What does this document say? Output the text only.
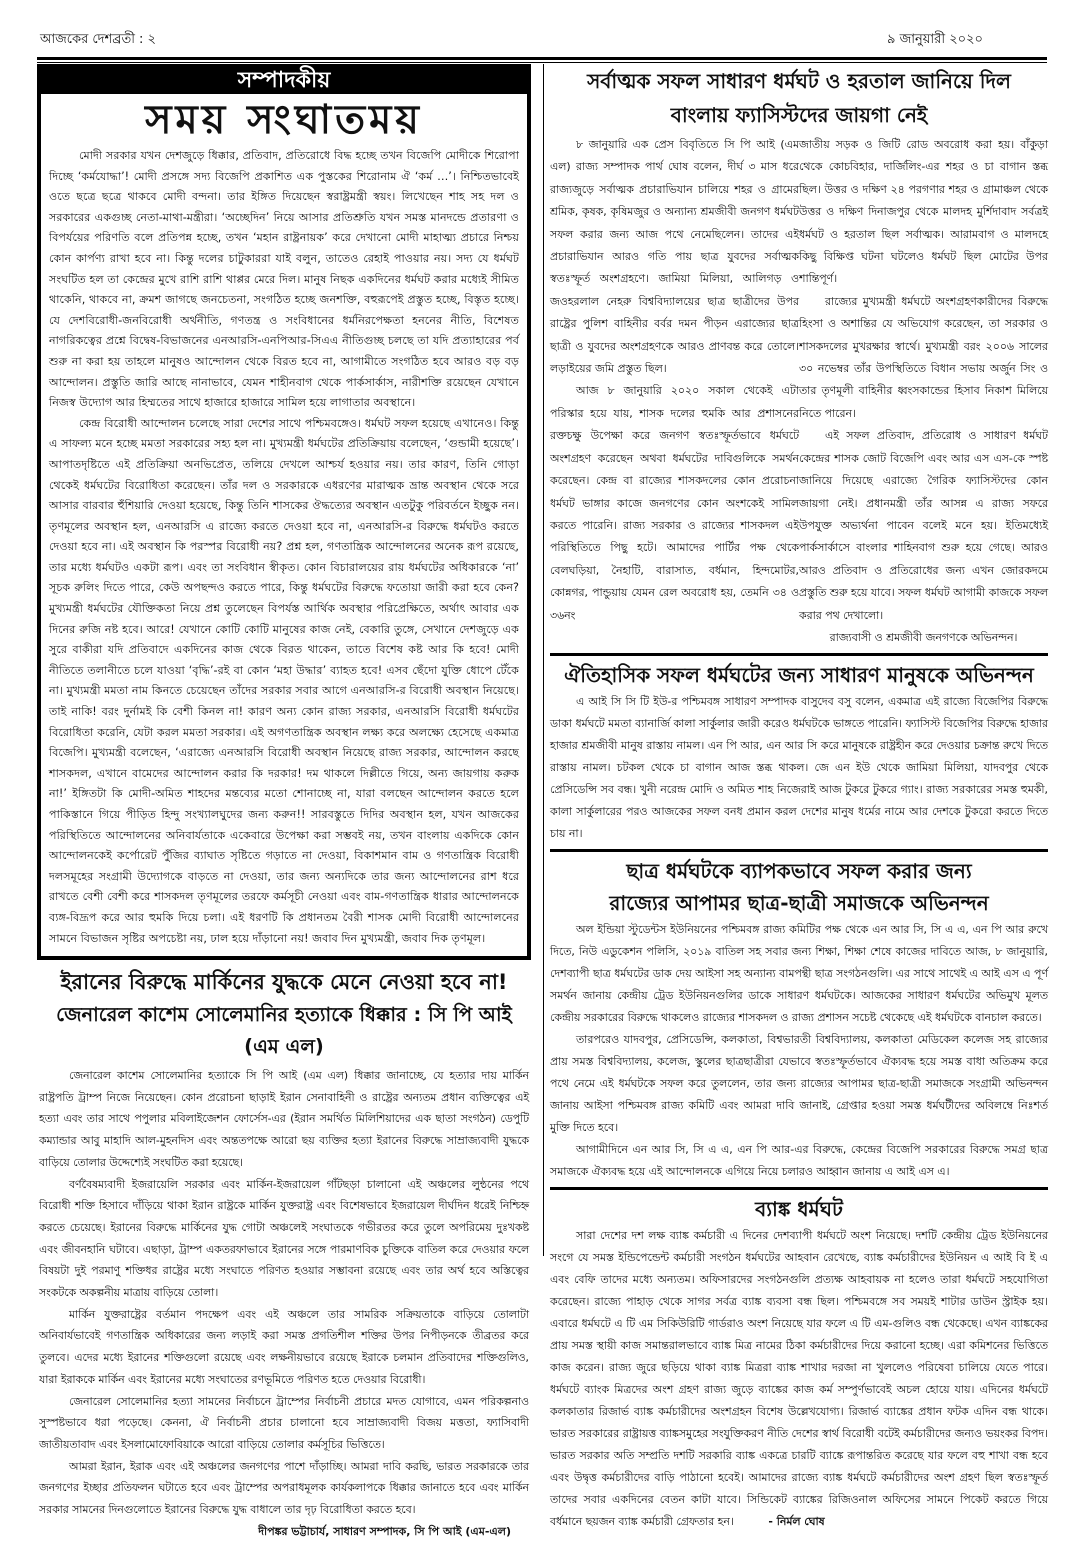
আজকের দেশব্রতী : ২	৯ জানুয়ারী ২০২০
সম্পাদকীয়
সময় সংঘাতময়

মোদী সরকার যখন দেশজুড়ে ধিক্কার, প্রতিবাদ, প্রতিরোধে বিদ্ধ হচ্ছে তখন বিজেপি মোদীকে শিরোপা দিচ্ছে ‘কর্মযোদ্ধা’! মোদী প্রসঙ্গে সদ্য বিজেপি প্রকাশিত এক পুস্তকের শিরোনাম ঐ ‘কর্ম …’। নিশ্চিতভাবেই ওতে ছত্রে ছত্রে থাকবে মোদী বন্দনা। তার ইঙ্গিত দিয়েছেন স্বরাষ্ট্রমন্ত্রী স্বয়ং। লিখেছেন শাহ সহ দল ও সরকারের একগুচ্ছ নেতা-মাথা-মন্ত্রীরা। ‘অচ্ছেদিন’ নিয়ে আসার প্রতিশ্রুতি যখন সমস্ত মানদন্ডে প্রতারণা ও বিপর্যয়ের পরিণতি বলে প্রতিপন্ন হচ্ছে, তখন ‘মহান রাষ্ট্রনায়ক’ করে দেখানো মোদী মাহাত্ম্য প্রচারে নিশ্চয় কোন কার্পণ্য রাখা হবে না। কিন্তু দলের চাটুকাররা যাই বলুন, তাতেও রেহাই পাওয়ার নয়। সদ্য যে ধর্মঘট সংঘটিত হল তা কেন্দ্রের মুখে রাশি রাশি থাপ্পর মেরে দিল। মানুষ নিছক একদিনের ধর্মঘট করার মধ্যেই সীমিত থাকেনি, থাকবে না, ক্রমশ জাগছে জনচেতনা, সংগঠিত হচ্ছে জনশক্তি, বহুরূপেই প্রস্তুত হচ্ছে, বিস্তৃত হচ্ছে। যে দেশবিরোধী-জনবিরোধী অর্থনীতি, গণতন্ত্র ও সংবিধানের ধর্মনিরপেক্ষতা হননের নীতি, বিশেষত নাগরিকত্বের প্রশ্নে বিদ্বেষ-বিভাজনের এনআরসি-এনপিআর-সিএএ নীতিগুচ্ছ চলছে তা যদি প্রত্যাহারের পর্ব শুরু না করা হয় তাহলে মানুষও আন্দোলন থেকে বিরত হবে না, আগামীতে সংগঠিত হবে আরও বড় বড় আন্দোলন। প্রস্তুতি জারি আছে নানাভাবে, যেমন শাহীনবাগ থেকে পার্কসার্কাস, নারীশক্তি রয়েছেন যেখানে নিজস্ব উদ্যোগ আর হিম্মতের সাথে হাজারে হাজারে সামিল হয়ে লাগাতার অবস্থানে।

কেন্দ্র বিরোধী আন্দোলন চলেছে সারা দেশের সাথে পশ্চিমবঙ্গেও। ধর্মঘট সফল হয়েছে এখানেও। কিন্তু এ সাফল্য মনে হচ্ছে মমতা সরকারের সহ্য হল না। মুখ্যমন্ত্রী ধর্মঘটের প্রতিক্রিয়ায় বলেছেন, ‘গুন্ডামী হয়েছে’। আপাতদৃষ্টিতে এই প্রতিক্রিয়া অনভিপ্রেত, তলিয়ে দেখলে আশ্চর্য হওয়ার নয়। তার কারণ, তিনি গোড়া থেকেই ধর্মঘটের বিরোধিতা করেছেন। তাঁর দল ও সরকারকে এধরণের মারাত্মক ভ্রান্ত অবস্থান থেকে সরে আসার বারবার হুঁশিয়ারি দেওয়া হয়েছে, কিন্তু তিনি শাসকের ঔদ্ধত্যের অবস্থান এতটুকু পরিবর্তনে ইচ্ছুক নন। তৃণমূলের অবস্থান হল, এনআরসি এ রাজ্যে করতে দেওয়া হবে না, এনআরসি-র বিরুদ্ধে ধর্মঘটও করতে দেওয়া হবে না। এই অবস্থান কি পরস্পর বিরোধী নয়? প্রশ্ন হল, গণতান্ত্রিক আন্দোলনের অনেক রূপ রয়েছে, তার মধ্যে ধর্মঘটও একটা রূপ। এবং তা সংবিধান স্বীকৃত। কোন বিচারালয়ের রায় ধর্মঘটের অধিকারকে ‘না’ সূচক রুলিং দিতে পারে, কেউ অপছন্দও করতে পারে, কিন্তু ধর্মঘটের বিরুদ্ধে ফতোয়া জারী করা হবে কেন? মুখ্যমন্ত্রী ধর্মঘটের যৌক্তিকতা নিয়ে প্রশ্ন তুলেছেন বিপর্যস্ত আর্থিক অবস্থার পরিপ্রেক্ষিতে, অর্থাৎ আবার এক দিনের রুজি নষ্ট হবে। আরে! যেখানে কোটি কোটি মানুষের কাজ নেই, বেকারি তুঙ্গে, সেখানে দেশজুড়ে এক সুরে বাকীরা যদি প্রতিবাদে একদিনের কাজ থেকে বিরত থাকেন, তাতে বিশেষ কষ্ট আর কি হবে! মোদী নীতিতে তলানীতে চলে যাওয়া ‘বৃদ্ধি’-রই বা কোন ‘মহা উদ্ধার’ ব্যাহত হবে! এসব ছেঁদো যুক্তি ধোপে টেঁকে না। মুখ্যমন্ত্রী মমতা নাম কিনতে চেয়েছেন তাঁদের সরকার সবার আগে এনআরসি-র বিরোধী অবস্থান নিয়েছে। তাই নাকি! বরং দুর্নামই কি বেশী কিনল না! কারণ অন্য কোন রাজ্য সরকার, এনআরসি বিরোধী ধর্মঘটের বিরোধিতা করেনি, যেটা করল মমতা সরকার। এই অগণতান্ত্রিক অবস্থান লক্ষ্য করে অলক্ষ্যে হেসেছে একমাত্র বিজেপি। মুখ্যমন্ত্রী বলেছেন, ‘এরাজ্যে এনআরসি বিরোধী অবস্থান নিয়েছে রাজ্য সরকার, আন্দোলন করছে শাসকদল, এখানে বামেদের আন্দোলন করার কি দরকার! দম থাকলে দিল্লীতে গিয়ে, অন্য জায়গায় করুক না!’ ইঙ্গিতটা কি মোদী-অমিত শাহদের মন্তব্যের মতো শোনাচ্ছে না, যারা বলছেন আন্দোলন করতে হলে পাকিস্তানে গিয়ে পীড়িত হিন্দু সংখ্যালঘুদের জন্য করুন!! সারবস্তুতে দিদির অবস্থান হল, যখন আজকের পরিস্থিতিতে আন্দোলনের অনিবার্যতাকে একেবারে উপেক্ষা করা সম্ভবই নয়, তখন বাংলায় একদিকে কোন আন্দোলনকেই কর্পোরেট পুঁজির ব্যাঘাত সৃষ্টিতে গড়াতে না দেওয়া, বিকাশমান বাম ও গণতান্ত্রিক বিরোধী দলসমূহের সংগ্রামী উদ্যোগকে বাড়তে না দেওয়া, তার জন্য অন্যদিকে তার জন্য আন্দোলনের রাশ ধরে রাখতে বেশী বেশী করে শাসকদল তৃণমূলের তরফে কর্মসূচী নেওয়া এবং বাম-গণতান্ত্রিক ধারার আন্দোলনকে ব্যঙ্গ-বিদ্রূপ করে আর হুমকি দিয়ে চলা। এই ধরণটি কি প্রধানতম বৈরী শাসক মোদী বিরোধী আন্দোলনের সামনে বিভাজন সৃষ্টির অপচেষ্টা নয়, ঢাল হয়ে দাঁড়ানো নয়! জবাব দিন মুখ্যমন্ত্রী, জবাব দিক তৃণমূল।

ইরানের বিরুদ্ধে মার্কিনের যুদ্ধকে মেনে নেওয়া হবে না!
জেনারেল কাশেম সোলেমানির হত্যাকে ধিক্কার : সি পি আই (এম এল)

জেনারেল কাশেম সোলেমানির হত্যাকে সি পি আই (এম এল) ধিক্কার জানাচ্ছে, যে হত্যার দায় মার্কিন রাষ্ট্রপতি ট্রাম্প নিজে নিয়েছেন। কোন প্ররোচনা ছাড়াই ইরান সেনাবাহিনী ও রাষ্ট্রের অন্যতম প্রধান ব্যক্তিত্বের এই হত্যা এবং তার সাথে পপুলার মবিলাইজেশন ফোর্সেস-এর (ইরান সমর্থিত মিলিশিয়াদের এক ছাতা সংগঠন) ডেপুটি কম্যান্ডার আবু মাহাদি আল-মুহনদিস এবং অন্ততপক্ষে আরো ছয় ব্যক্তির হত্যা ইরানের বিরুদ্ধে সাম্রাজ্যবাদী যুদ্ধকে বাড়িয়ে তোলার উদ্দেশ্যেই সংঘটিত করা হয়েছে।

বর্ণবৈষম্যবাদী ইজরায়েলি সরকার এবং মার্কিন-ইজরায়েল গাঁটছড়া চালানো এই অঞ্চলের লুন্ঠনের পথে বিরোধী শক্তি হিসাবে দাঁড়িয়ে থাকা ইরান রাষ্ট্রকে মার্কিন যুক্তরাষ্ট্র এবং বিশেষভাবে ইজরায়েল দীর্ঘদিন ধরেই নিশ্চিহ্ন করতে চেয়েছে। ইরানের বিরুদ্ধে মার্কিনের যুদ্ধ গোটা অঞ্চলেই সংঘাতকে গভীরতর করে তুলে অপরিমেয় দুঃখকষ্ট এবং জীবনহানি ঘটাবে। এছাড়া, ট্রাম্প একতরফাভাবে ইরানের সঙ্গে পারমাণবিক চুক্তিকে বাতিল করে দেওয়ার ফলে বিষয়টা দুই পরমাণু শক্তিধর রাষ্ট্রের মধ্যে সংঘাতে পরিণত হওয়ার সম্ভাবনা রয়েছে এবং তার অর্থ হবে অস্তিত্বের সংকটকে অকল্পনীয় মাত্রায় বাড়িয়ে তোলা।

মার্কিন যুক্তরাষ্ট্রের বর্তমান পদক্ষেপ এবং এই অঞ্চলে তার সামরিক সক্রিয়তাকে বাড়িয়ে তোলাটা অনিবার্যভাবেই গণতান্ত্রিক অধিকারের জন্য লড়াই করা সমস্ত প্রগতিশীল শক্তির উপর নিপীড়নকে তীব্রতর করে তুলবে। এদের মধ্যে ইরানের শক্তিগুলো রয়েছে এবং লক্ষনীয়ভাবে রয়েছে ইরাকে চলমান প্রতিবাদের শক্তিগুলিও, যারা ইরাককে মার্কিন এবং ইরানের মধ্যে সংঘাতের রণভূমিতে পরিণত হতে দেওয়ার বিরোধী।

জেনারেল সোলেমানির হত্যা সামনের নির্বাচনে ট্রাম্পের নির্বাচনী প্রচারে মদত যোগাবে, এমন পরিকল্পনাও সুস্পষ্টভাবে ধরা পড়েছে। কেননা, ঐ নির্বাচনী প্রচার চালানো হবে সাম্রাজ্যবাদী বিজয় মত্ততা, ফ্যাসিবাদী জাতীয়তাবাদ এবং ইসলামোফোবিয়াকে আরো বাড়িয়ে তোলার কর্মসূচির ভিত্তিতে।

আমরা ইরান, ইরাক এবং এই অঞ্চলের জনগণের পাশে দাঁড়াচ্ছি। আমরা দাবি করছি, ভারত সরকারকে তার জনগণের ইচ্ছার প্রতিফলন ঘটাতে হবে এবং ট্রাম্পের অপরাধমূলক কার্যকলাপকে ধিক্কার জানাতে হবে এবং মার্কিন সরকার সামনের দিনগুলোতে ইরানের বিরুদ্ধে যুদ্ধ বাধালে তার দৃঢ় বিরোধিতা করতে হবে।

দীপঙ্কর ভট্টাচার্য, সাধারণ সম্পাদক, সি পি আই (এম-এল)
সর্বাত্মক সফল সাধারণ ধর্মঘট ও হরতাল জানিয়ে দিল
বাংলায় ফ্যাসিস্টদের জায়গা নেই

৮ জানুয়ারি এক প্রেস বিবৃতিতে সি পি আই (এম এল) রাজ্য সম্পাদক পার্থ ঘোষ বলেন, দীর্ঘ ৩ মাস ধরে রাজ্যজুড়ে সর্বাত্মক প্রচারাভিযান চালিয়ে শহর ও গ্রামের শ্রমিক, কৃষক, কৃষিমজুর ও অন্যান্য শ্রমজীবী জনগণ ধর্মঘট সফল করার জন্য আজ পথে নেমেছিলেন। তাদের এই প্রচারাভিযান আরও গতি পায় ছাত্র যুবদের সর্বাত্মক স্বতঃস্ফূর্ত অংশগ্রহণে। জামিয়া মিলিয়া, আলিগড় ও জওহরলাল নেহরু বিশ্ববিদ্যালয়ের ছাত্র ছাত্রীদের উপর রাষ্ট্রের পুলিশ বাহিনীর বর্বর দমন পীড়ন এরাজ্যের ছাত্র ছাত্রী ও যুবদের অংশগ্রহণকে আরও প্রাণবন্ত করে তোলে। লড়াইয়ের জমি প্রস্তুত ছিল।

আজ ৮ জানুয়ারি ২০২০ সকাল থেকেই এটা পরিস্কার হয়ে যায়, শাসক দলের হুমকি আর প্রশাসনের রক্তচক্ষু উপেক্ষা করে জনগণ স্বতঃস্ফূর্তভাবে ধর্মঘটে অংশগ্রহণ করেছেন অথবা ধর্মঘটের দাবিগুলিকে সমর্থন করেছেন। কেন্দ্র বা রাজ্যের শাসকদলের কোন প্ররোচনা ধর্মঘট ভাঙ্গার কাজে জনগণের কোন অংশকেই সামিল করতে পারেনি। রাজ্য সরকার ও রাজ্যের শাসকদল এই পরিস্থিতিতে পিছু হটে। আমাদের পার্টির পক্ষ থেকে বেলঘড়িয়া, নৈহাটি, বারাসাত, বর্ধমান, হিন্দমোটর, কোন্নগর, পান্ডুয়ায় যেমন রেল অবরোধ হয়, তেমনি ৩৪ ও ৩৬নং

জাতীয় সড়ক ও জিটি রোড অবরোধ করা হয়। বাঁকুড়া থেকে কোচবিহার, দার্জিলিং-এর শহর ও চা বাগান স্তব্ধ ছিল। উত্তর ও দক্ষিণ ২৪ পরগণার শহর ও গ্রামাঞ্চল থেকে উত্তর ও দক্ষিণ দিনাজপুর থেকে মালদহ মুর্শিদাবাদ সর্বত্রই ধর্মঘট ও হরতাল ছিল সর্বাত্মক। আরামবাগ ও মালদহে কিছু বিক্ষিপ্ত ঘটনা ঘটলেও ধর্মঘট ছিল মোটের উপর শান্তিপূর্ণ।

রাজ্যের মুখ্যমন্ত্রী ধর্মঘটে অংশগ্রহণকারীদের বিরুদ্ধে হিংসা ও অশান্তির যে অভিযোগ করেছেন, তা সরকার ও শাসকদলের মুখরক্ষার স্বার্থে। মুখ্যমন্ত্রী বরং ২০০৬ সালের ৩০ নভেম্বর তাঁর উপস্থিতিতে বিধান সভায় অর্জুন সিং ও তার তৃণমূলী বাহিনীর ধ্বংসকান্ডের হিসাব নিকাশ মিলিয়ে নিতে পারেন।

এই সফল প্রতিবাদ, প্রতিরোধ ও সাধারণ ধর্মঘট কেন্দ্রের শাসক জোট বিজেপি এবং আর এস এস-কে স্পষ্ট জানিয়ে দিয়েছে এরাজ্যে গৈরিক ফ্যাসিস্টদের কোন জায়গা নেই। প্রধানমন্ত্রী তাঁর আসন্ন এ রাজ্য সফরে উপযুক্ত অভ্যর্থনা পাবেন বলেই মনে হয়। ইতিমধ্যেই পার্কসার্কাসে বাংলার শাহিনবাগ শুরু হয়ে গেছে। আরও আরও প্রতিবাদ ও প্রতিরোধের জন্য এখন জোরকদমে প্রস্তুতি শুরু হয়ে যাবে। সফল ধর্মঘট আগামী কাজকে সফল করার পথ দেখালো।

রাজ্যবাসী ও শ্রমজীবী জনগণকে অভিনন্দন।

ঐতিহাসিক সফল ধর্মঘটের জন্য সাধারণ মানুষকে অভিনন্দন

এ আই সি সি টি ইউ-র পশ্চিমবঙ্গ সাধারণ সম্পাদক বাসুদেব বসু বলেন, একমাত্র এই রাজ্যে বিজেপির বিরুদ্ধে ডাকা ধর্মঘটে মমতা ব্যানার্জি কালা সার্কুলার জারী করেও ধর্মঘটকে ভাঙ্গতে পারেনি। ফ্যাসিস্ট বিজেপির বিরুদ্ধে হাজার হাজার শ্রমজীবী মানুষ রাস্তায় নামল। এন পি আর, এন আর সি করে মানুষকে রাষ্ট্রহীন করে দেওয়ার চক্রান্ত রুখে দিতে রাস্তায় নামল। চটকল থেকে চা বাগান আজ স্তব্ধ থাকল। জে এন ইউ থেকে জামিয়া মিলিয়া, যাদবপুর থেকে প্রেসিডেন্সি সব বন্ধ। খুনী নরেন্দ্র মোদি ও অমিত শাহ নিজেরাই আজ টুকরে টুকরে গ্যাং। রাজ্য সরকারের সমস্ত হুমকী, কালা সার্কুলারের পরও আজকের সফল বনধ প্রমান করল দেশের মানুষ ধর্মের নামে আর দেশকে টুকরো করতে দিতে চায় না।

ছাত্র ধর্মঘটকে ব্যাপকভাবে সফল করার জন্য
রাজ্যের আপামর ছাত্র-ছাত্রী সমাজকে অভিনন্দন

অল ইন্ডিয়া স্টুডেন্টস ইউনিয়নের পশ্চিমবঙ্গ রাজ্য কমিটির পক্ষ থেকে এন আর সি, সি এ এ, এন পি আর রুখে দিতে, নিউ এডুকেশন পলিসি, ২০১৯ বাতিল সহ সবার জন্য শিক্ষা, শিক্ষা শেষে কাজের দাবিতে আজ, ৮ জানুয়ারি, দেশব্যাপী ছাত্র ধর্মঘটের ডাক দেয় আইসা সহ অন্যান্য বামপন্থী ছাত্র সংগঠনগুলি। এর সাথে সাথেই এ আই এস এ পূর্ণ সমর্থন জানায় কেন্দ্রীয় ট্রেড ইউনিয়নগুলির ডাকে সাধারণ ধর্মঘটকে। আজকের সাধারণ ধর্মঘটের অভিমুখ মূলত কেন্দ্রীয় সরকারের বিরুদ্ধে থাকলেও রাজ্যের শাসকদল ও রাজ্য প্রশাসন সচেষ্ট থেকেছে এই ধর্মঘটকে বানচাল করতে।

তারপরেও যাদবপুর, প্রেসিডেন্সি, কলকাতা, বিশ্বভারতী বিশ্ববিদ্যালয়, কলকাতা মেডিকেল কলেজ সহ রাজ্যের প্রায় সমস্ত বিশ্ববিদ্যালয়, কলেজ, স্কুলের ছাত্রছাত্রীরা যেভাবে স্বতঃস্ফূর্তভাবে ঐক্যবদ্ধ হয়ে সমস্ত বাধা অতিক্রম করে পথে নেমে এই ধর্মঘটকে সফল করে তুললেন, তার জন্য রাজ্যের আপামর ছাত্র-ছাত্রী সমাজকে সংগ্রামী অভিনন্দন জানায় আইসা পশ্চিমবঙ্গ রাজ্য কমিটি এবং আমরা দাবি জানাই, গ্রেপ্তার হওয়া সমস্ত ধর্মঘটীদের অবিলম্বে নিঃশর্ত মুক্তি দিতে হবে।

আগামীদিনে এন আর সি, সি এ এ, এন পি আর-এর বিরুদ্ধে, কেন্দ্রের বিজেপি সরকারের বিরুদ্ধে সমগ্র ছাত্র সমাজকে ঐক্যবদ্ধ হয়ে এই আন্দোলনকে এগিয়ে নিয়ে চলারও আহ্বান জানায় এ আই এস এ।

ব্যাঙ্ক ধর্মঘট

সারা দেশের দশ লক্ষ ব্যাঙ্ক কর্মচারী এ দিনের দেশব্যাপী ধর্মঘটে অংশ নিয়েছে। দশটি কেন্দ্রীয় ট্রেড ইউনিয়নের সংগে যে সমস্ত ইন্ডিপেন্ডেন্ট কর্মচারী সংগঠন ধর্মঘটের আহবান রেখেছে, ব্যাঙ্ক কর্মচারীদের ইউনিয়ন এ আই বি ই এ এবং বেফি তাদের মধ্যে অন্যতম। অফিসারদের সংগঠনগুলি প্রত্যক্ষ আহবায়ক না হলেও তারা ধর্মঘটে সহযোগিতা করেছেন। রাজ্যে পাহাড় থেকে সাগর সর্বত্র ব্যাঙ্ক ব্যবসা বন্ধ ছিল। পশ্চিমবঙ্গে সব সময়ই শাটার ডাউন স্ট্রাইক হয়। এবারে ধর্মঘটে এ টি এম সিকিউরিটি গার্ডরাও অংশ নিয়েছে যার ফলে এ টি এম-গুলিও বন্ধ থেকেছে। এখন ব্যাঙ্ককের প্রায় সমস্ত স্থায়ী কাজ সমান্তরালভাবে ব্যাঙ্ক মিত্র নামের ঠিকা কর্মচারীদের দিয়ে করানো হচ্ছে। এরা কমিশনের ভিত্তিতে কাজ করেন। রাজ্য জুরে ছড়িয়ে থাকা ব্যাঙ্ক মিত্ররা ব্যাঙ্ক শাখার দরজা না খুললেও পরিষেবা চালিয়ে যেতে পারে। ধর্মঘটে ব্যাংক মিত্রদের অংশ গ্রহণ রাজ্য জুড়ে ব্যাঙ্কের কাজ কর্ম সম্পুর্ণভাবেই অচল হোয়ে যায়। এদিনের ধর্মঘটে কলকাতার রিজার্ভ ব্যাঙ্ক কর্মচারীদের অংশগ্রহন বিশেষ উল্লেখযোগ্য। রিজার্ভ ব্যাঙ্কের প্রধান ফটক এদিন বন্ধ থাকে। ভারত সরকারের রাষ্ট্রায়ত্ত ব্যাঙ্কসমুহের সংযুক্তিকরণ নীতি দেশের স্বার্থ বিরোধী বটেই কর্মচারীদের জন্যও ভয়ংকর বিপদ। ভারত সরকার অতি সম্প্রতি দশটি সরকারি ব্যাঙ্ক একত্রে চারটি ব্যাঙ্কে রূপান্তরিত করেছে যার ফলে বহু শাখা বন্ধ হবে এবং উদ্বৃত্ত কর্মচারীদের বাড়ি পাঠানো হবেই। আমাদের রাজ্যে ব্যাঙ্ক ধর্মঘটে কর্মচারীদের অংশ গ্রহণ ছিল স্বতঃস্ফূর্ত তাদের সবার একদিনের বেতন কাটা যাবে। সিন্ডিকেট ব্যাঙ্কের রিজিওনাল অফিসের সামনে পিকেট করতে গিয়ে বর্ধমানে ছয়জন ব্যাঙ্ক কর্মচারী গ্রেফতার হন।	- নির্মল ঘোষ
